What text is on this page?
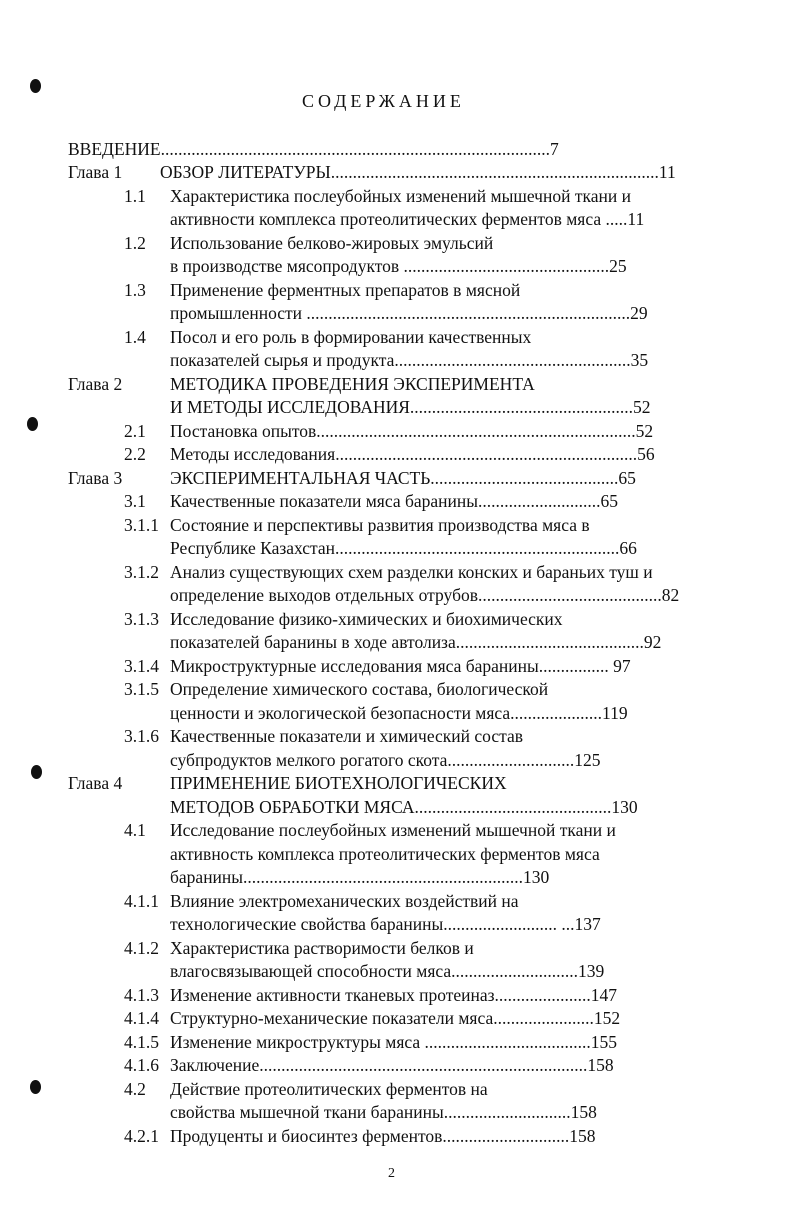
СОДЕРЖАНИЕ
ВВЕДЕНИЕ.........................................................................................7
Глава 1 ОБЗОР ЛИТЕРАТУРЫ...........................................................................11
1.1 Характеристика послеубойных изменений мышечной ткани и
активности комплекса протеолитических ферментов мяса .....11
1.2 Использование белково-жировых эмульсий
в производстве мясопродуктов ...............................................25
1.3 Применение ферментных препаратов в мясной
промышленности ..........................................................................29
1.4 Посол и его роль в формировании качественных
показателей сырья и продукта......................................................35
Глава 2	МЕТОДИКА ПРОВЕДЕНИЯ ЭКСПЕРИМЕНТА
И МЕТОДЫ ИССЛЕДОВАНИЯ...................................................52
2.1 Постановка опытов.........................................................................52
2.2 Методы исследования.....................................................................56
Глава 3	ЭКСПЕРИМЕНТАЛЬНАЯ ЧАСТЬ...........................................65
3.1 Качественные показатели мяса баранины............................65
3.1.1 Состояние и перспективы развития производства мяса в
Республике Казахстан.................................................................66
3.1.2 Анализ существующих схем разделки конских и бараньих туш и
определение выходов отдельных отрубов..........................................82
3.1.3 Исследование физико-химических и биохимических
показателей баранины в ходе автолиза...........................................92
3.1.4 Микроструктурные исследования мяса баранины................ 97
3.1.5 Определение химического состава, биологической
ценности и экологической безопасности мяса.....................119
3.1.6 Качественные показатели и химический состав
субпродуктов мелкого рогатого скота.............................125
Глава 4	ПРИМЕНЕНИЕ БИОТЕХНОЛОГИЧЕСКИХ
МЕТОДОВ ОБРАБОТКИ МЯСА.............................................130
4.1 Исследование послеубойных изменений мышечной ткани и
активность комплекса протеолитических ферментов мяса
баранины................................................................130
4.1.1 Влияние электромеханических воздействий на
технологические свойства баранины.......................... ...137
4.1.2 Характеристика растворимости белков и
влагосвязывающей способности мяса.............................139
4.1.3 Изменение активности тканевых протеиназ......................147
4.1.4 Структурно-механические показатели мяса.......................152
4.1.5 Изменение микроструктуры мяса ......................................155
4.1.6 Заключение...........................................................................158
4.2 Действие протеолитических ферментов на
свойства мышечной ткани баранины.............................158
4.2.1 Продуценты и биосинтез ферментов.............................158
2
